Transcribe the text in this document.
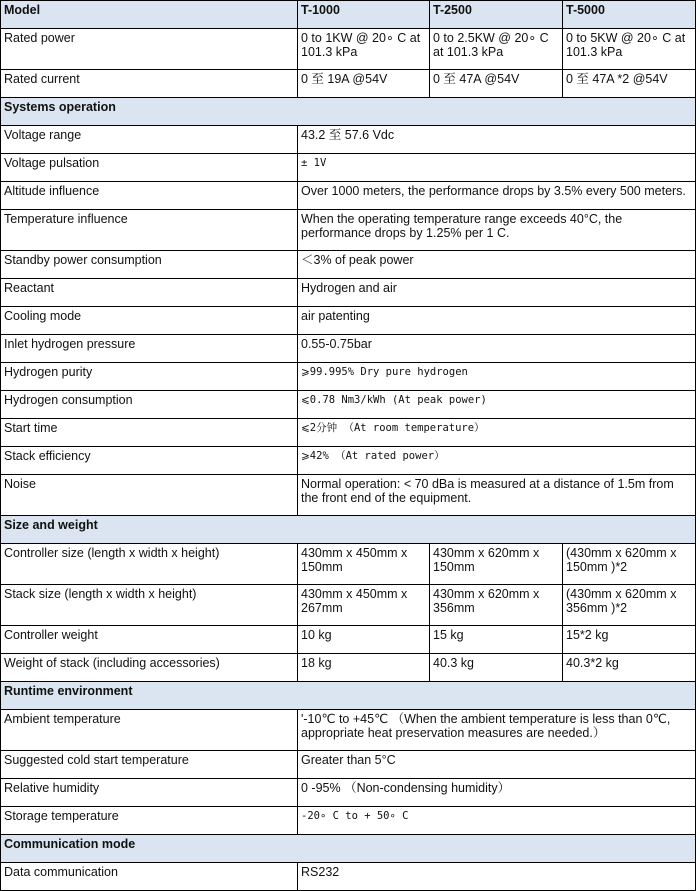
Model	T-1000	T-2500	T-5000
Rated power	0 to 1KW @ 20∘ C at 101.3 kPa	0 to 2.5KW @ 20∘ C at 101.3 kPa	0 to 5KW @ 20∘ C at 101.3 kPa
Rated current	0 至 19A @54V	0 至 47A @54V	0 至 47A *2 @54V
Systems operation			
Voltage range	43.2 至 57.6 Vdc		
Voltage pulsation	± 1V		
Altitude influence	Over 1000 meters, the performance drops by 3.5% every 500 meters.		
Temperature influence	When the operating temperature range exceeds 40°C, the performance drops by 1.25% per 1 C.		
Standby power consumption	＜3% of peak power		
Reactant	Hydrogen and air		
Cooling mode	air patenting		
Inlet hydrogen pressure	0.55-0.75bar		
Hydrogen purity	⩾99.995% Dry pure hydrogen		
Hydrogen consumption	⩽0.78 Nm3/kWh (At peak power)		
Start time	⩽2分钟 （At room temperature）		
Stack efficiency	⩾42% （At rated power）		
Noise	Normal operation: < 70 dBa is measured at a distance of 1.5m from the front end of the equipment.		
Size and weight			
Controller size (length x width x height)	430mm x 450mm x 150mm	430mm x 620mm x 150mm	(430mm x 620mm x 150mm )*2
Stack size (length x width x height)	430mm x 450mm x 267mm	430mm x 620mm x 356mm	(430mm x 620mm x 356mm )*2
Controller weight	10 kg	15 kg	15*2 kg
Weight of stack (including accessories)	18 kg	40.3 kg	40.3*2 kg
Runtime environment			
Ambient temperature	'-10℃ to +45℃ （When the ambient temperature is less than 0℃, appropriate heat preservation measures are needed.）		
Suggested cold start temperature	Greater than 5°C		
Relative humidity	0 -95% （Non-condensing humidity）		
Storage temperature	-20∘ C to + 50∘ C		
Communication mode			
Data communication	RS232		
